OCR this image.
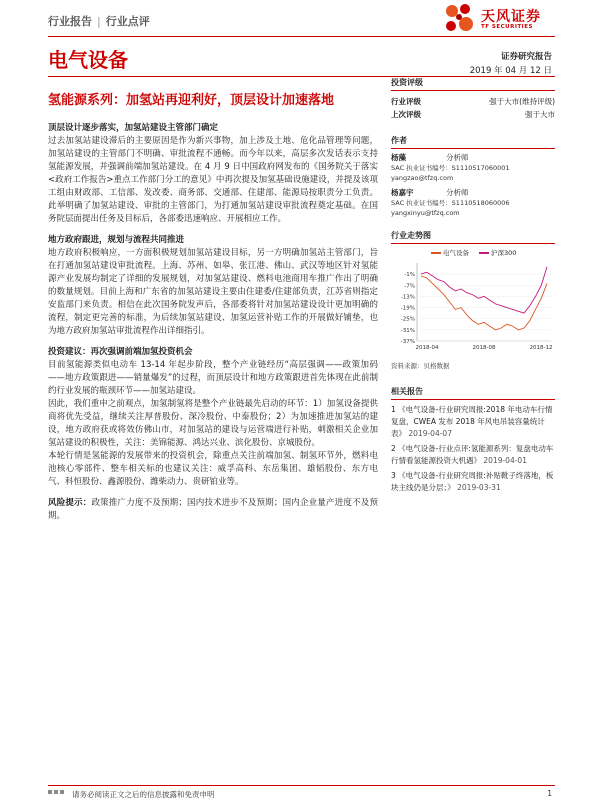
行业报告 | 行业点评	天风证券
TF SECURITIES
电气设备	证券研究报告
2019 年 04 月 12 日
氢能源系列：加氢站再迎利好，顶层设计加速落地
顶层设计逐步落实，加氢站建设主管部门确定

过去加氢站建设滞后的主要原因是作为新兴事物，加上涉及土地、危化品管理等问题，加氢站建设的主管部门不明确、审批流程不通畅。而今年以来，高层多次发话表示支持氢能源发展，并强调前端加氢站建设。在 4 月 9 日中国政府网发布的《国务院关于落实<政府工作报告>重点工作部门分工的意见》中再次提及加氢基础设施建设，并提及该项工组由财政部、工信部、发改委、商务部、交通部、住建部、能源局按职责分工负责。此举明确了加氢站建设、审批的主管部门，为打通加氢站建设审批流程奠定基础。在国务院层面提出任务及目标后，各部委迅速响应、开展相应工作。

地方政府跟进，规划与流程共同推进

地方政府积极响应，一方面积极规划加氢站建设目标，另一方明确加氢站主管部门，旨在打通加氢站建设审批流程。上海、苏州、如皋、张江港、佛山、武汉等地区针对氢能源产业发展均制定了详细的发展规划，对加氢站建设、燃料电池商用车推广作出了明确的数量规划。目前上海和广东省的加氢站建设主要由住建委/住建部负责，江苏省则指定安监部门来负责。相信在此次国务院发声后，各部委将针对加氢站建设设计更加明确的流程，制定更完善的标准，为后续加氢站建设、加氢运营补贴工作的开展做好铺垫，也为地方政府加氢站审批流程作出详细指引。

投资建议：再次强调前端加氢投资机会

目前氢能源类似电动车 13-14 年起步阶段，整个产业链经历“高层强调——政策加码——地方政策跟进——销量爆发”的过程，而顶层设计和地方政策跟进首先体现在此前制约行业发展的瓶颈环节——加氢站建设。

因此，我们重申之前观点，加氢制氢将是整个产业链最先启动的环节：1）加氢设备提供商将优先受益，继续关注厚普股份、深冷股份、中泰股份；2）为加速推进加氢站的建设，地方政府获或将效仿佛山市，对加氢站的建设与运营端进行补贴，刺激相关企业加氢站建设的积极性，关注：美锦能源、鸿达兴业、滨化股份、京城股份。

本轮行情是氢能源的发展带来的投资机会，除重点关注前端加氢、制氢环节外，燃料电池核心零部件、整车相关标的也建议关注：威孚高科、东岳集团、雄韬股份、东方电气、科恒股份、鑫源股份、潍柴动力、贵研铂业等。

风险提示：政策推广力度不及预期；国内技术进步不及预期；国内企业量产进度不及预期。

投资评级
行业评级	强于大市(维持评级)
上次评级	强于大市
作者
杨藻	分析师
SAC 执业证书编号：S1110517060001
yangzao@tfzq.com
杨嘉宇	分析师
SAC 执业证书编号：S1110518060006
yangxinyu@tfzq.com
行业走势图
电气设备	沪深300
-1%
-7%
-13%
-19%
-25%
-31%
-37%
2018-04	2018-08	2018-12
资料来源：贝格数据
相关报告
1 《电气设备-行业研究周报:2018 年电动车行情复盘，CWEA 发布 2018 年风电吊装容量统计表》 2019-04-07
2 《电气设备-行业点评:氢能源系列：复盘电动车行情看氢能源投资大机遇》 2019-04-01
3 《电气设备-行业研究周报:补贴靴子终落地，板块主线仍是分层；》 2019-03-31
请务必阅读正文之后的信息披露和免责申明	1
